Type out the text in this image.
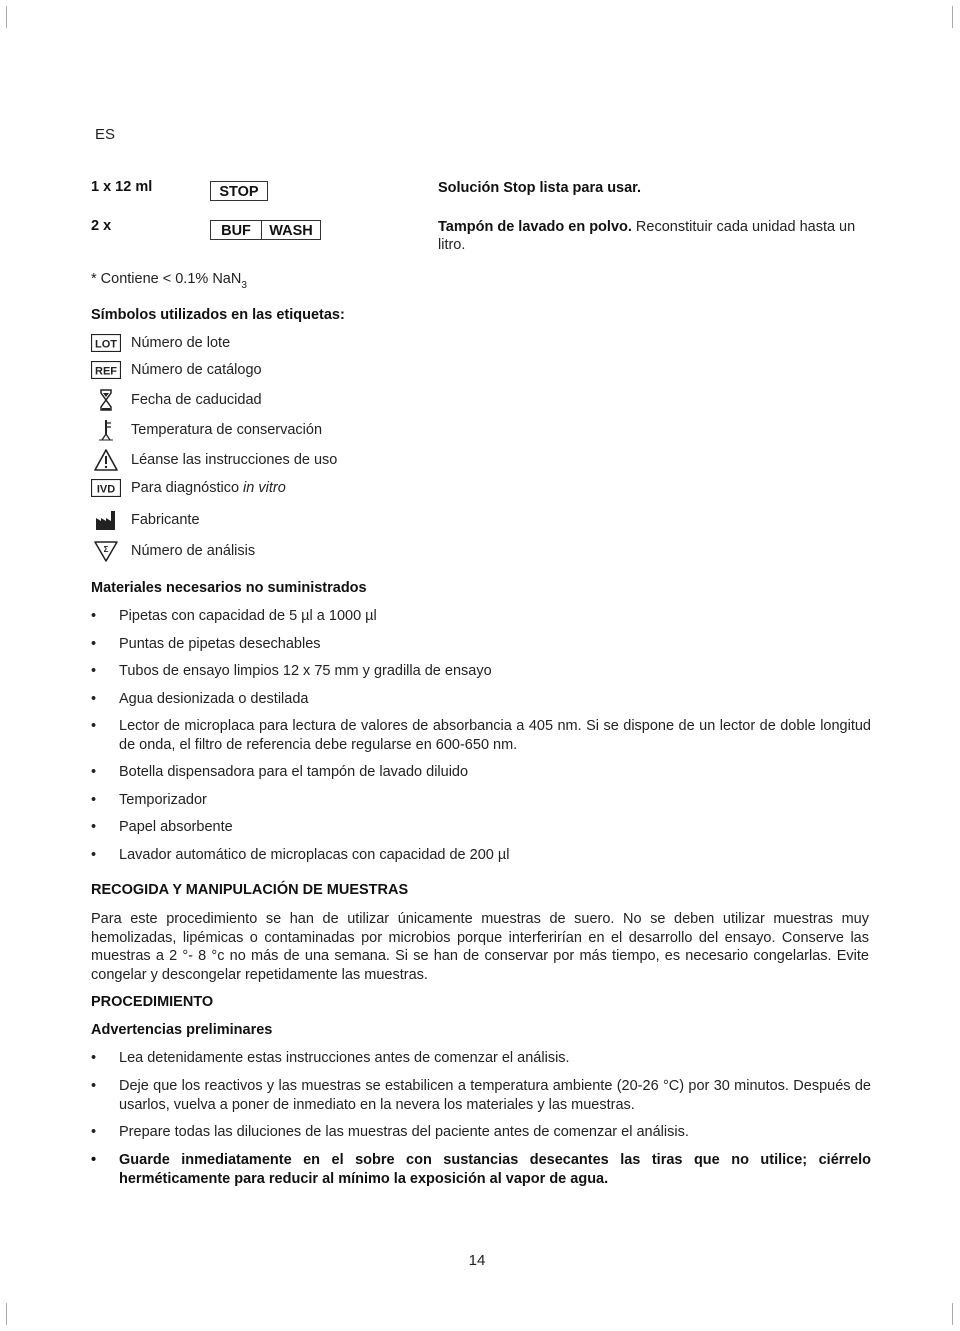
ES
1 x 12 ml	STOP	Solución Stop lista para usar.
2 x	BUF	WASH	Tampón de lavado en polvo. Reconstituir cada unidad hasta un litro.
* Contiene < 0.1% NaN$_3$
Símbolos utilizados en las etiquetas:
LOT Número de lote
REF Número de catálogo
Fecha de caducidad
Temperatura de conservación
Léanse las instrucciones de uso
IVD Para diagnóstico in vitro
Fabricante
Σ Número de análisis
Materiales necesarios no suministrados
• Pipetas con capacidad de 5 µl a 1000 µl
• Puntas de pipetas desechables
• Tubos de ensayo limpios 12 x 75 mm y gradilla de ensayo
• Agua desionizada o destilada
• Lector de microplaca para lectura de valores de absorbancia a 405 nm. Si se dispone de un lector de doble longitud de onda, el filtro de referencia debe regularse en 600-650 nm.
• Botella dispensadora para el tampón de lavado diluido
• Temporizador
• Papel absorbente
• Lavador automático de microplacas con capacidad de 200 µl
RECOGIDA Y MANIPULACIÓN DE MUESTRAS
Para este procedimiento se han de utilizar únicamente muestras de suero. No se deben utilizar muestras muy hemolizadas, lipémicas o contaminadas por microbios porque interferirían en el desarrollo del ensayo. Conserve las muestras a 2 °- 8 °c no más de una semana. Si se han de conservar por más tiempo, es necesario congelarlas. Evite congelar y descongelar repetidamente las muestras.
PROCEDIMIENTO
Advertencias preliminares
• Lea detenidamente estas instrucciones antes de comenzar el análisis.
• Deje que los reactivos y las muestras se estabilicen a temperatura ambiente (20-26 °C) por 30 minutos. Después de usarlos, vuelva a poner de inmediato en la nevera los materiales y las muestras.
• Prepare todas las diluciones de las muestras del paciente antes de comenzar el análisis.
• Guarde inmediatamente en el sobre con sustancias desecantes las tiras que no utilice; ciérrelo herméticamente para reducir al mínimo la exposición al vapor de agua.
14
